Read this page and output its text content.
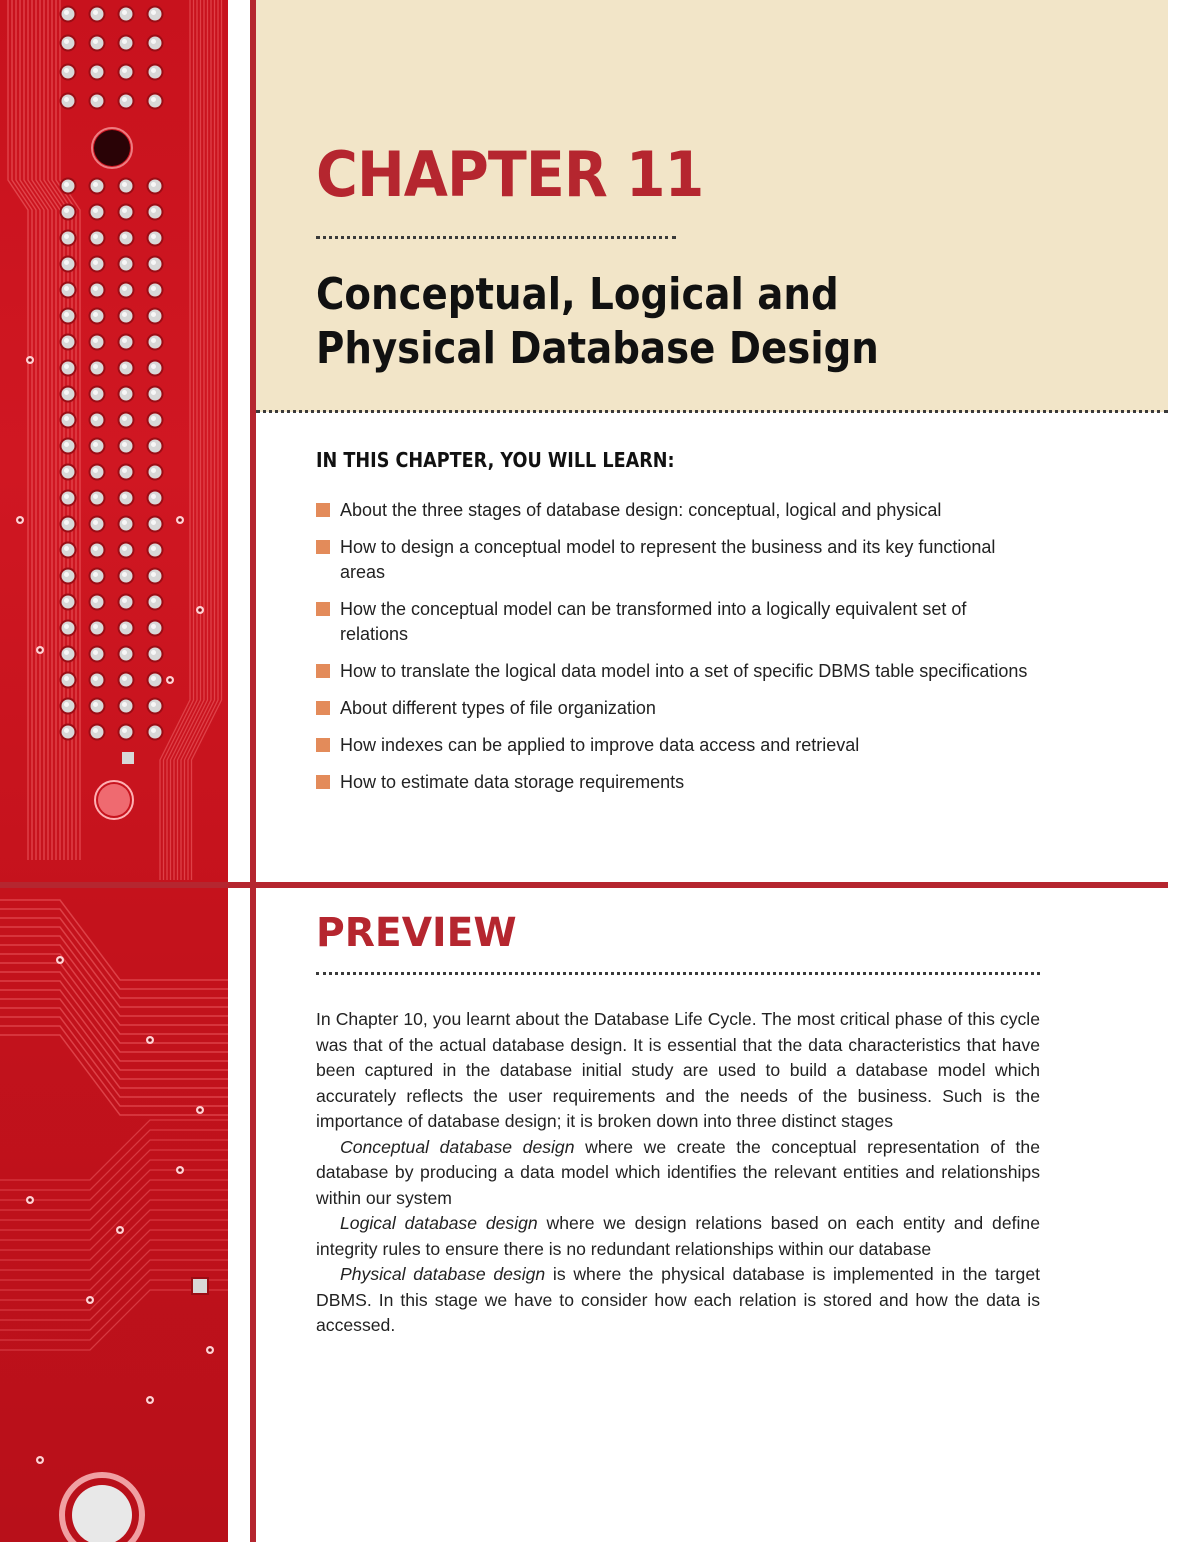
CHAPTER 11
Conceptual, Logical and
Physical Database Design
IN THIS CHAPTER, YOU WILL LEARN:
About the three stages of database design: conceptual, logical and physical
How to design a conceptual model to represent the business and its key functional areas
How the conceptual model can be transformed into a logically equivalent set of relations
How to translate the logical data model into a set of specific DBMS table specifications
About different types of file organization
How indexes can be applied to improve data access and retrieval
How to estimate data storage requirements
PREVIEW

In Chapter 10, you learnt about the Database Life Cycle. The most critical phase of this cycle was that of the actual database design. It is essential that the data characteristics that have been captured in the database initial study are used to build a database model which accurately reflects the user requirements and the needs of the business. Such is the importance of database design; it is broken down into three distinct stages

Conceptual database design where we create the conceptual representation of the database by producing a data model which identifies the relevant entities and relationships within our system

Logical database design where we design relations based on each entity and define integrity rules to ensure there is no redundant relationships within our database

Physical database design is where the physical database is implemented in the target DBMS. In this stage we have to consider how each relation is stored and how the data is accessed.
